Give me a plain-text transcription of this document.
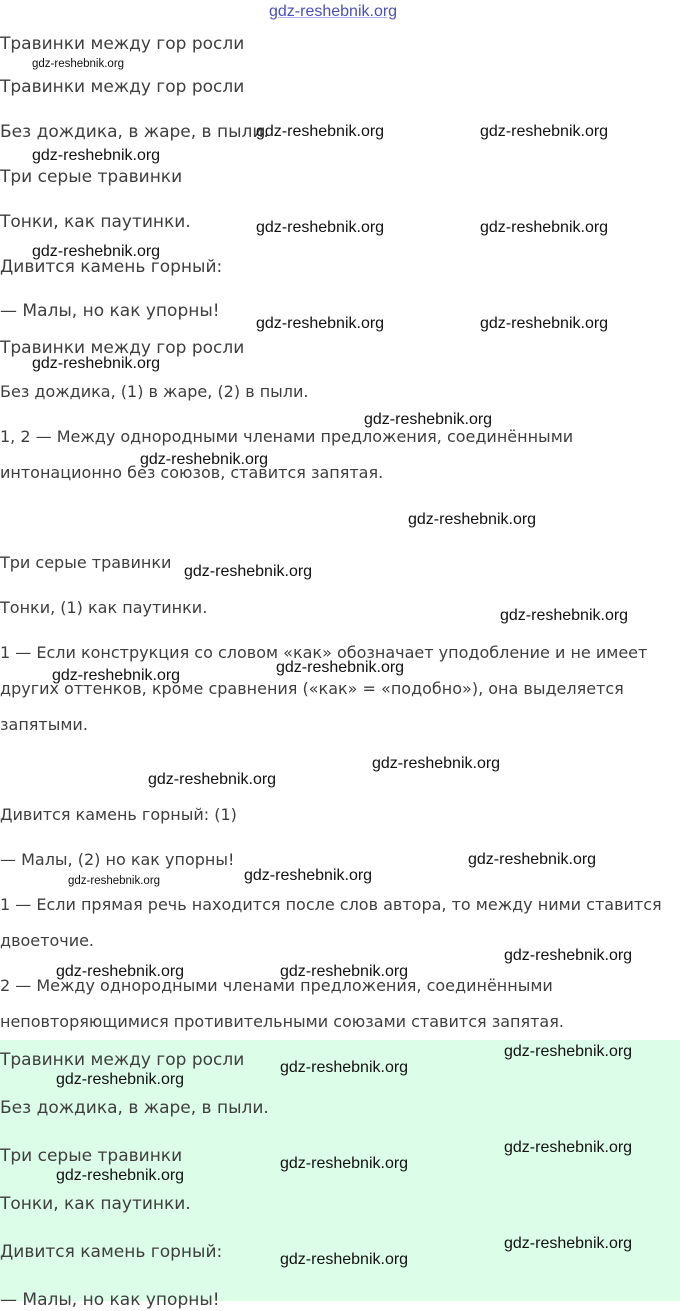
gdz-reshebnik.org
Травинки между гор росли
Травинки между гор росли
Без дождика, в жаре, в пыли.
Три серые травинки
Тонки, как паутинки.
Дивится камень горный:
— Малы, но как упорны!
Травинки между гор росли
Без дождика, (1) в жаре, (2) в пыли.
1, 2 — Между однородными членами предложения, соединёнными
интонационно без союзов, ставится запятая.
Три серые травинки
Тонки, (1) как паутинки.
1 — Если конструкция со словом «как» обозначает уподобление и не имеет
других оттенков, кроме сравнения («как» = «подобно»), она выделяется
запятыми.
Дивится камень горный: (1)
— Малы, (2) но как упорны!
1 — Если прямая речь находится после слов автора, то между ними ставится
двоеточие.
2 — Между однородными членами предложения, соединёнными
неповторяющимися противительными союзами ставится запятая.
Травинки между гор росли
Без дождика, в жаре, в пыли.
Три серые травинки
Тонки, как паутинки.
Дивится камень горный:
— Малы, но как упорны!
gdz-reshebnik.org
gdz-reshebnik.org	gdz-reshebnik.org
gdz-reshebnik.org
gdz-reshebnik.org	gdz-reshebnik.org
gdz-reshebnik.org
gdz-reshebnik.org	gdz-reshebnik.org
gdz-reshebnik.org
gdz-reshebnik.org
gdz-reshebnik.org
gdz-reshebnik.org
gdz-reshebnik.org
gdz-reshebnik.org
gdz-reshebnik.org
gdz-reshebnik.org
gdz-reshebnik.org
gdz-reshebnik.org
gdz-reshebnik.org
gdz-reshebnik.org	gdz-reshebnik.org
gdz-reshebnik.org
gdz-reshebnik.org	gdz-reshebnik.org
gdz-reshebnik.org
gdz-reshebnik.org
gdz-reshebnik.org
gdz-reshebnik.org
gdz-reshebnik.org
gdz-reshebnik.org
gdz-reshebnik.org
gdz-reshebnik.org
